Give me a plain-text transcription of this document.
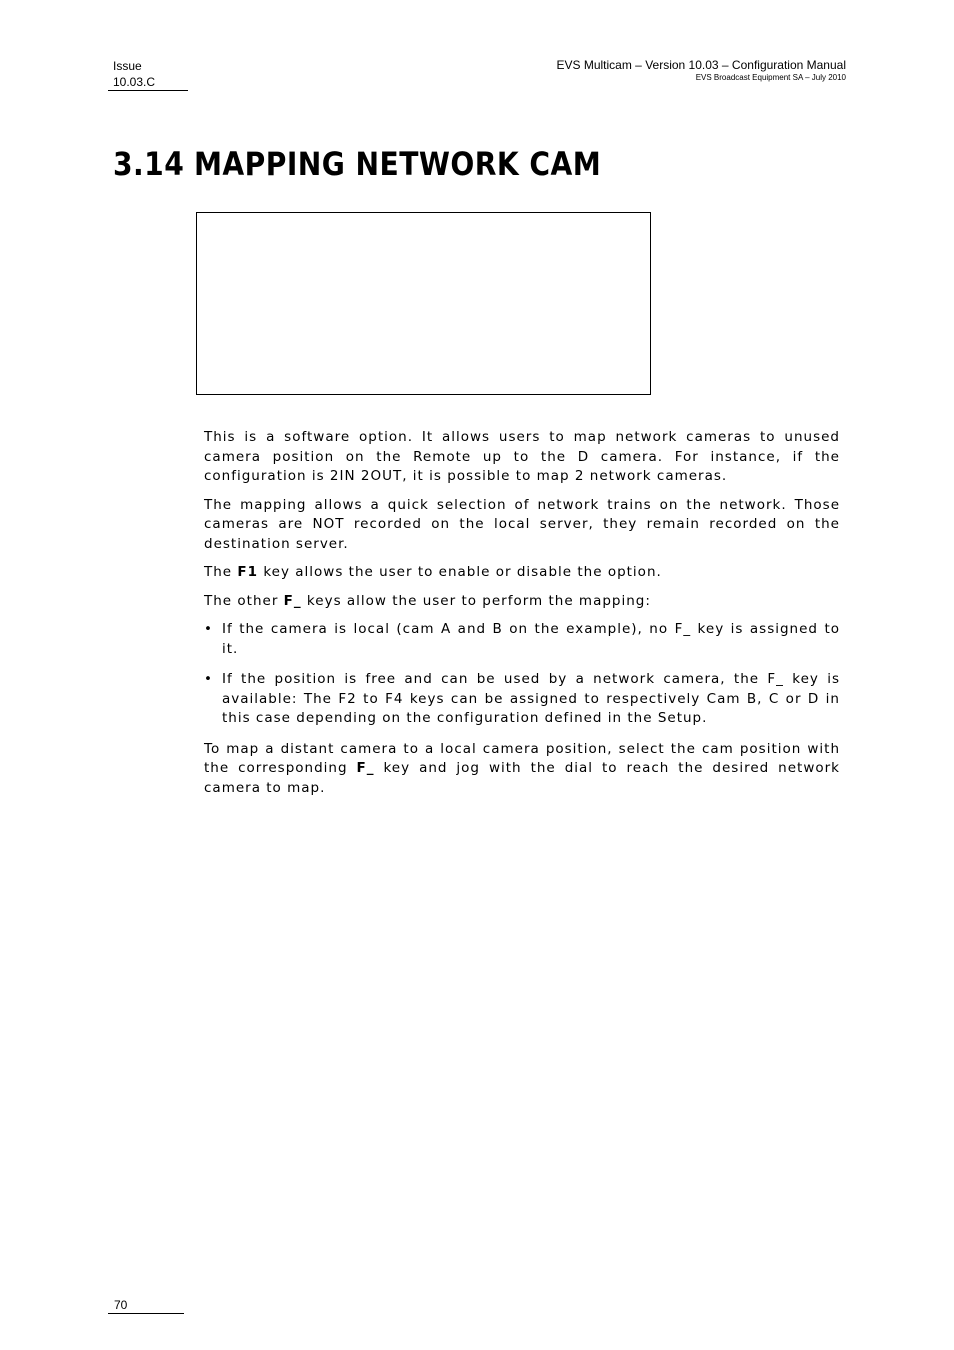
Issue
10.03.C
EVS Multicam – Version 10.03 – Configuration Manual
EVS Broadcast Equipment SA – July 2010
3.14 MAPPING NETWORK CAM

This is a software option. It allows users to map network cameras to unused camera position on the Remote up to the D camera. For instance, if the configuration is 2IN 2OUT, it is possible to map 2 network cameras.

The mapping allows a quick selection of network trains on the network. Those cameras are NOT recorded on the local server, they remain recorded on the destination server.

The F1 key allows the user to enable or disable the option.

The other F_ keys allow the user to perform the mapping:

• If the camera is local (cam A and B on the example), no F_ key is assigned to it.
• If the position is free and can be used by a network camera, the F_ key is available: The F2 to F4 keys can be assigned to respectively Cam B, C or D in this case depending on the configuration defined in the Setup.

To map a distant camera to a local camera position, select the cam position with the corresponding F_ key and jog with the dial to reach the desired network camera to map.

70
